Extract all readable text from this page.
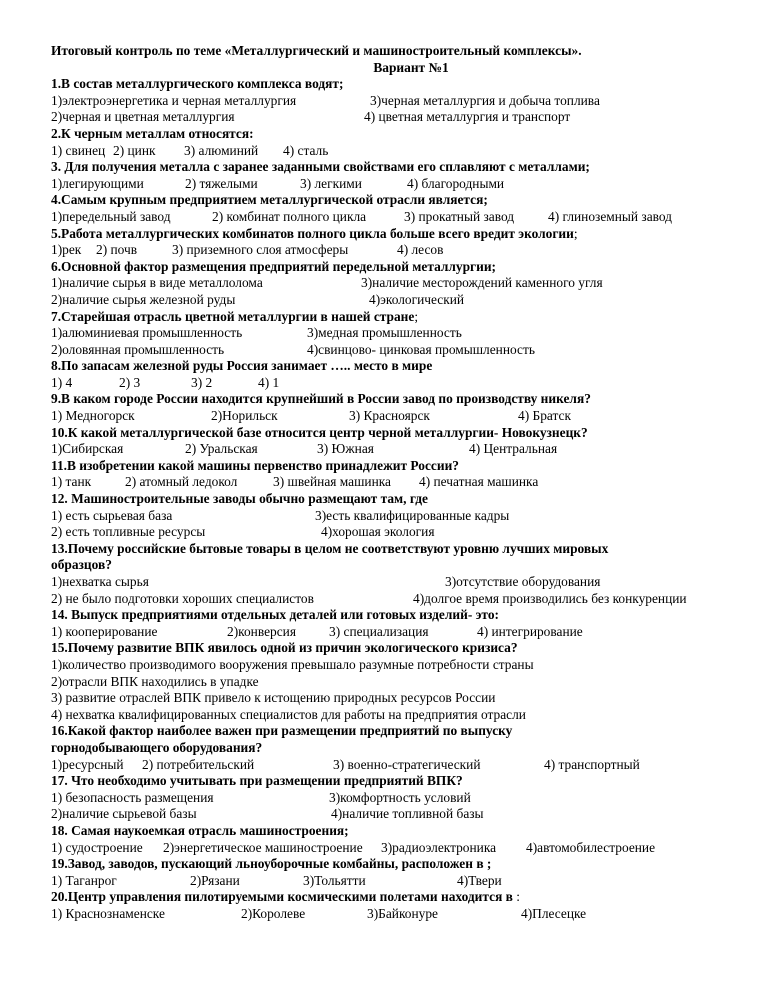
Итоговый контроль по теме «Металлургический и машиностроительный комплексы».
Вариант №1
1.В состав металлургического комплекса водят;
1)электроэнергетика и черная металлургия	3)черная металлургия и добыча топлива
2)черная и цветная металлургия	4) цветная металлургия и транспорт
2.К черным металлам относятся:
1) свинец 2) цинк 3) алюминий 4) сталь
3. Для получения металла с заранее заданными свойствами его сплавляют с металлами;
1)легирующими	2) тяжелыми	3) легкими	4) благородными
4.Самым крупным предприятием металлургической отрасли является;
1)передельный завод	2) комбинат полного цикла	3) прокатный завод	4) глиноземный завод
5.Работа металлургических комбинатов полного цикла больше всего вредит экологии;
1)рек 2) почв	3) приземного слоя атмосферы	4) лесов
6.Основной фактор размещения предприятий передельной металлургии;
1)наличие сырья в виде металлолома	3)наличие месторождений каменного угля
2)наличие сырья железной руды	4)экологический
7.Старейшая отрасль цветной металлургии в нашей стране;
1)алюминиевая промышленность	3)медная промышленность
2)оловянная промышленность	4)свинцово- цинковая промышленность
8.По запасам железной руды Россия занимает ….. место в мире
1) 4	2) 3	3) 2	4) 1
9.В каком городе России находится крупнейший в России завод по производству никеля?
1) Медногорск	2)Норильск	3) Красноярск	4) Братск
10.К какой металлургической базе относится центр черной металлургии- Новокузнецк?
1)Сибирская	2) Уральская	3) Южная	4) Центральная
11.В изобретении какой машины первенство принадлежит России?
1) танк	2) атомный ледокол	3) швейная машинка 4) печатная машинка
12. Машиностроительные заводы обычно размещают там, где
1) есть сырьевая база	3)есть квалифицированные кадры
2) есть топливные ресурсы	4)хорошая экология
13.Почему российские бытовые товары в целом не соответствуют уровню лучших мировых
образцов?
1)нехватка сырья	3)отсутствие оборудования
2) не было подготовки хороших специалистов	4)долгое время производились без конкуренции
14. Выпуск предприятиями отдельных деталей или готовых изделий- это:
1) кооперирование	2)конверсия 3) специализация	4) интегрирование
15.Почему развитие ВПК явилось одной из причин экологического кризиса?
1)количество производимого вооружения превышало разумные потребности страны
2)отрасли ВПК находились в упадке
3) развитие отраслей ВПК привело к истощению природных ресурсов России
4) нехватка квалифицированных специалистов для работы на предприятия отрасли
16.Какой фактор наиболее важен при размещении предприятий по выпуску
горнодобывающего оборудования?
1)ресурсный 2) потребительский	3) военно-стратегический	4) транспортный
17. Что необходимо учитывать при размещении предприятий ВПК?
1) безопасность размещения	3)комфортность условий
2)наличие сырьевой базы	4)наличие топливной базы
18. Самая наукоемкая отрасль машиностроения;
1) судостроение 2)энергетическое машиностроение 3)радиоэлектроника 4)автомобилестроение
19.Завод, заводов, пускающий льноуборочные комбайны, расположен в ;
1) Таганрог	2)Рязани	3)Тольятти	4)Твери
20.Центр управления пилотируемыми космическими полетами находится в :
1) Краснознаменске	2)Королеве	3)Байконуре	4)Плесецке
